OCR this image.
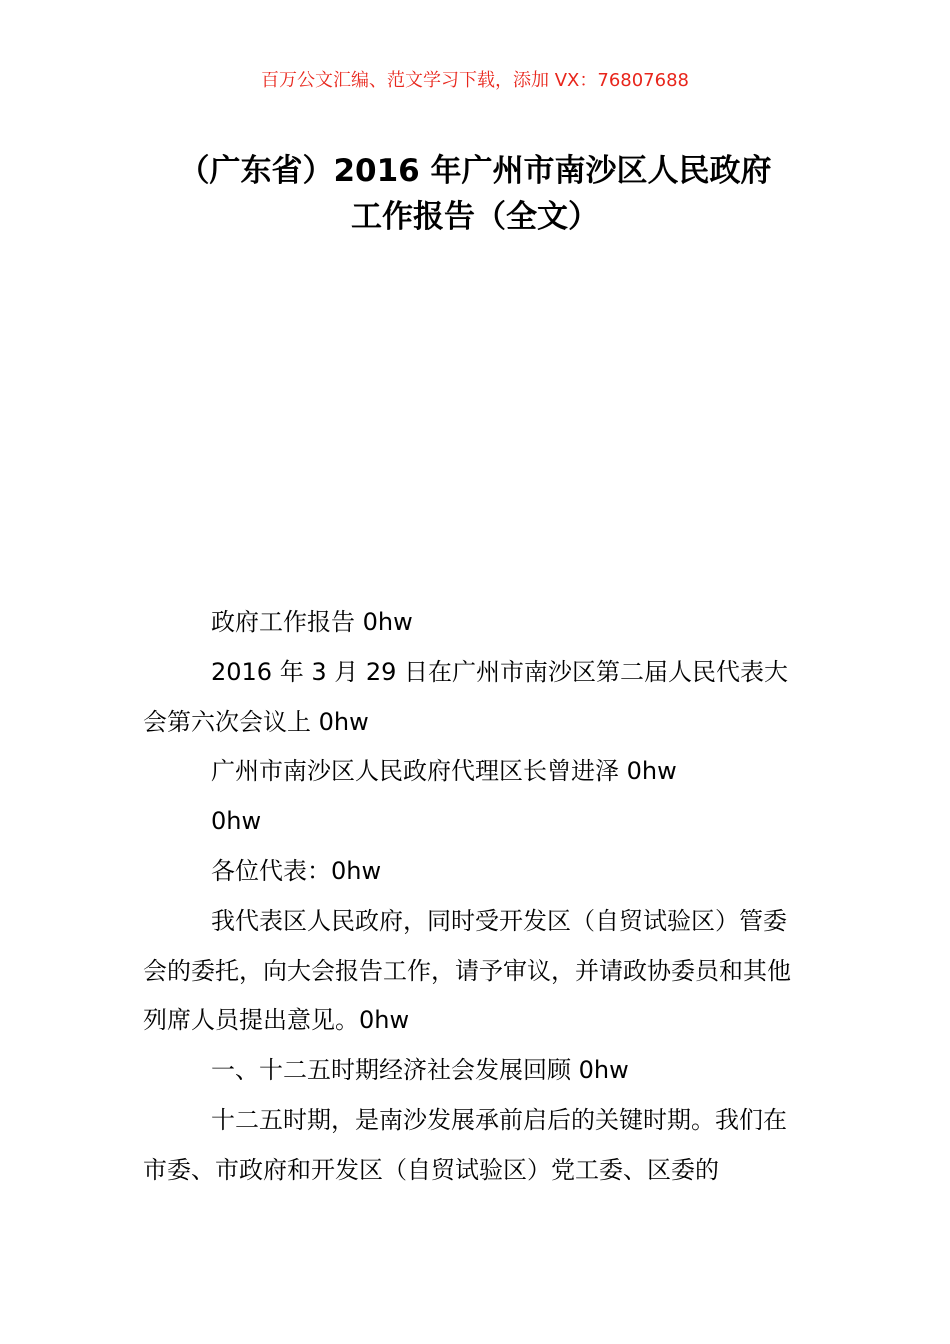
百万公文汇编、范文学习下载，添加 VX：76807688
（广东省）2016 年广州市南沙区人民政府
工作报告（全文）

政府工作报告 0hw

2016 年 3 月 29 日在广州市南沙区第二届人民代表大会第六次会议上 0hw

广州市南沙区人民政府代理区长曾进泽 0hw

0hw

各位代表：0hw

我代表区人民政府，同时受开发区（自贸试验区）管委会的委托，向大会报告工作，请予审议，并请政协委员和其他列席人员提出意见。0hw

一、十二五时期经济社会发展回顾 0hw

十二五时期，是南沙发展承前启后的关键时期。我们在市委、市政府和开发区（自贸试验区）党工委、区委的
